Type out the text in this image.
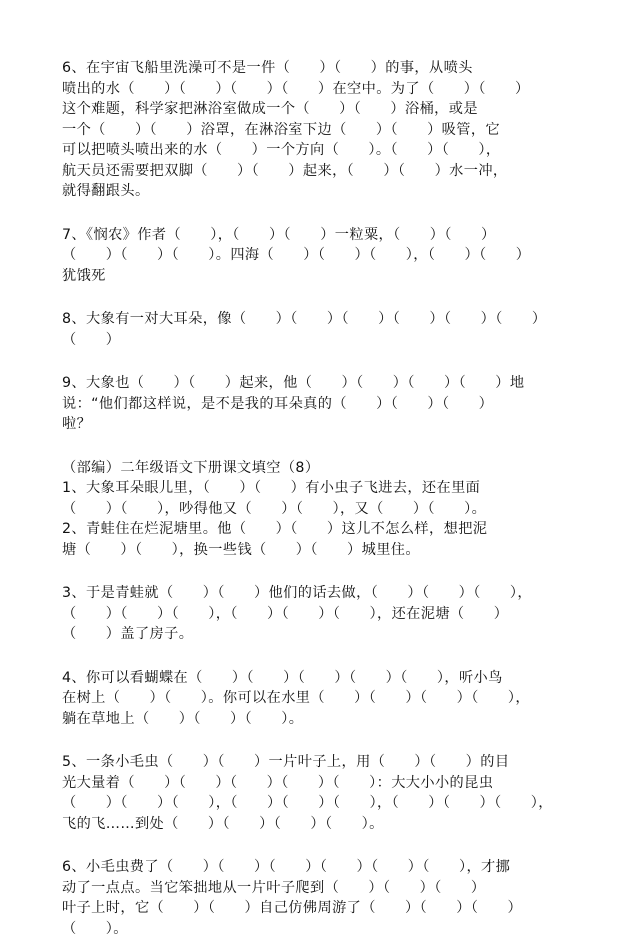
6、在宇宙飞船里洗澡可不是一件（　　）（　　）的事，从喷头
喷出的水（　　）（　　）（　　）（　　）在空中。为了（　　）（　　）
这个难题，科学家把淋浴室做成一个（　　）（　　）浴桶，或是
一个（　　）（　　）浴罩，在淋浴室下边（　　）（　　）吸管，它
可以把喷头喷出来的水（　　）一个方向（　　）。（　　）（　　），
航天员还需要把双脚（　　）（　　）起来，（　　）（　　）水一冲，
就得翻跟头。
7、《悯农》作者（　　），（　　）（　　）一粒粟，（　　）（　　）
（　　）（　　）（　　）。四海（　　）（　　）（　　），（　　）（　　）
犹饿死
8、大象有一对大耳朵，像（　　）（　　）（　　）（　　）（　　）（　　）
（　　）
9、大象也（　　）（　　）起来，他（　　）（　　）（　　）（　　）地
说：“他们都这样说，是不是我的耳朵真的（　　）（　　）（　　）
啦？
（部编）二年级语文下册课文填空（8）
1、大象耳朵眼儿里，（　　）（　　）有小虫子飞进去，还在里面
（　　）（　　），吵得他又（　　）（　　），又（　　）（　　）。
2、青蛙住在烂泥塘里。他（　　）（　　）这儿不怎么样，想把泥
塘（　　）（　　），换一些钱（　　）（　　）城里住。
3、于是青蛙就（　　）（　　）他们的话去做，（　　）（　　）（　　），
（　　）（　　）（　　），（　　）（　　）（　　），还在泥塘（　　）
（　　）盖了房子。
4、你可以看蝴蝶在（　　）（　　）（　　）（　　）（　　），听小鸟
在树上（　　）（　　）。你可以在水里（　　）（　　）（　　）（　　），
躺在草地上（　　）（　　）（　　）。
5、一条小毛虫（　　）（　　）一片叶子上，用（　　）（　　）的目
光大量着（　　）（　　）（　　）（　　）（　　）：大大小小的昆虫
（　　）（　　）（　　），（　　）（　　）（　　），（　　）（　　）（　　），
飞的飞……到处（　　）（　　）（　　）（　　）。
6、小毛虫费了（　　）（　　）（　　）（　　）（　　）（　　），才挪
动了一点点。当它笨拙地从一片叶子爬到（　　）（　　）（　　）
叶子上时，它（　　）（　　）自己仿佛周游了（　　）（　　）（　　）
（　　）。
